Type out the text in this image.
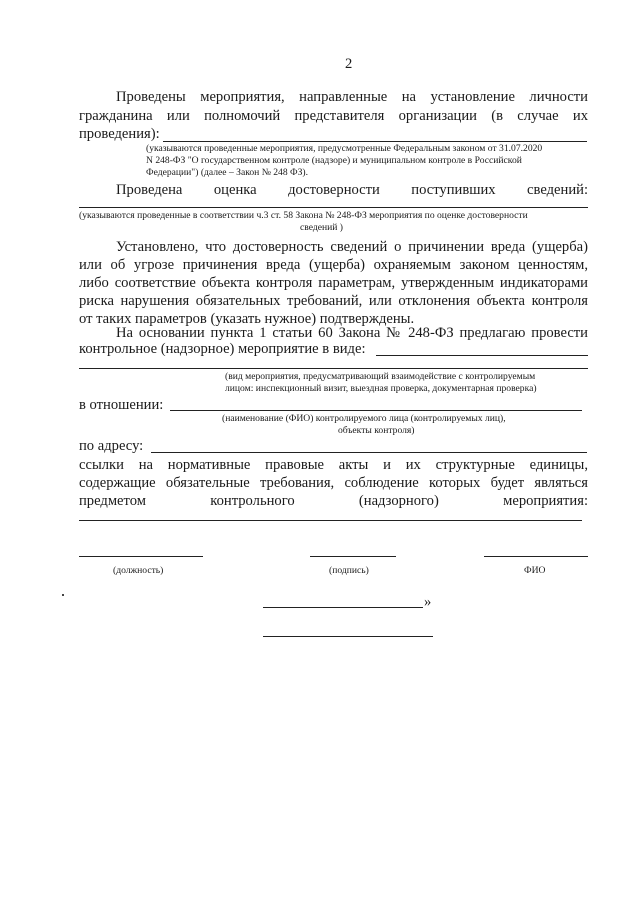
2
Проведены мероприятия, направленные на установление личности
гражданина или полномочий представителя организации (в случае их
проведения):
(указываются проведенные мероприятия, предусмотренные Федеральным законом от 31.07.2020
N 248-ФЗ "О государственном контроле (надзоре) и муниципальном контроле в Российской
Федерации") (далее – Закон № 248 ФЗ).
Проведена оценка достоверности поступивших сведений:
(указываются проведенные в соответствии ч.3 ст. 58 Закона № 248-ФЗ мероприятия по оценке достоверности
сведений )
Установлено, что достоверность сведений о причинении вреда (ущерба)
или об угрозе причинения вреда (ущерба) охраняемым законом ценностям,
либо соответствие объекта контроля параметрам, утвержденным индикаторами
риска нарушения обязательных требований, или отклонения объекта контроля
от таких параметров (указать нужное) подтверждены.
На основании пункта 1 статьи 60 Закона № 248-ФЗ предлагаю провести
контрольное (надзорное) мероприятие в виде:
(вид мероприятия, предусматривающий взаимодействие с контролируемым
лицом: инспекционный визит, выездная проверка, документарная проверка)
в отношении:
(наименование (ФИО) контролируемого лица (контролируемых лиц),
объекты контроля)
по адресу:
ссылки на нормативные правовые акты и их структурные единицы,
содержащие обязательные требования, соблюдение которых будет являться
предметом контрольного (надзорного) мероприятия:
(должность)	(подпись)	ФИО
»
